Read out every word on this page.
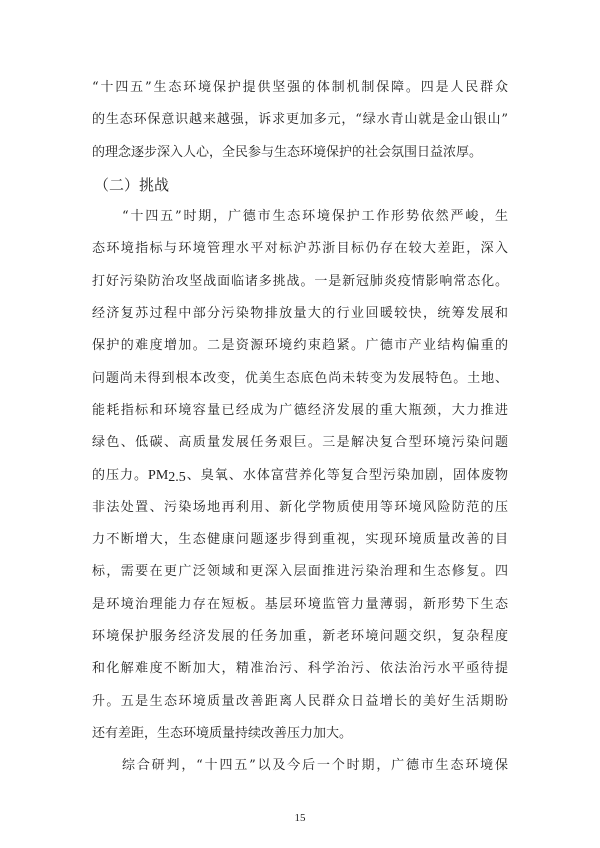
“十四五”生态环境保护提供坚强的体制机制保障。四是人民群众
的生态环保意识越来越强，诉求更加多元，“绿水青山就是金山银山”
的理念逐步深入人心，全民参与生态环境保护的社会氛围日益浓厚。
（二）挑战
“十四五”时期，广德市生态环境保护工作形势依然严峻，生
态环境指标与环境管理水平对标沪苏浙目标仍存在较大差距，深入
打好污染防治攻坚战面临诸多挑战。一是新冠肺炎疫情影响常态化。
经济复苏过程中部分污染物排放量大的行业回暖较快，统筹发展和
保护的难度增加。二是资源环境约束趋紧。广德市产业结构偏重的
问题尚未得到根本改变，优美生态底色尚未转变为发展特色。土地、
能耗指标和环境容量已经成为广德经济发展的重大瓶颈，大力推进
绿色、低碳、高质量发展任务艰巨。三是解决复合型环境污染问题
的压力。$PM_{2.5}$、臭氧、水体富营养化等复合型污染加剧，固体废物
非法处置、污染场地再利用、新化学物质使用等环境风险防范的压
力不断增大，生态健康问题逐步得到重视，实现环境质量改善的目
标，需要在更广泛领域和更深入层面推进污染治理和生态修复。四
是环境治理能力存在短板。基层环境监管力量薄弱，新形势下生态
环境保护服务经济发展的任务加重，新老环境问题交织，复杂程度
和化解难度不断加大，精准治污、科学治污、依法治污水平亟待提
升。五是生态环境质量改善距离人民群众日益增长的美好生活期盼
还有差距，生态环境质量持续改善压力加大。
综合研判，“十四五”以及今后一个时期，广德市生态环境保
15
